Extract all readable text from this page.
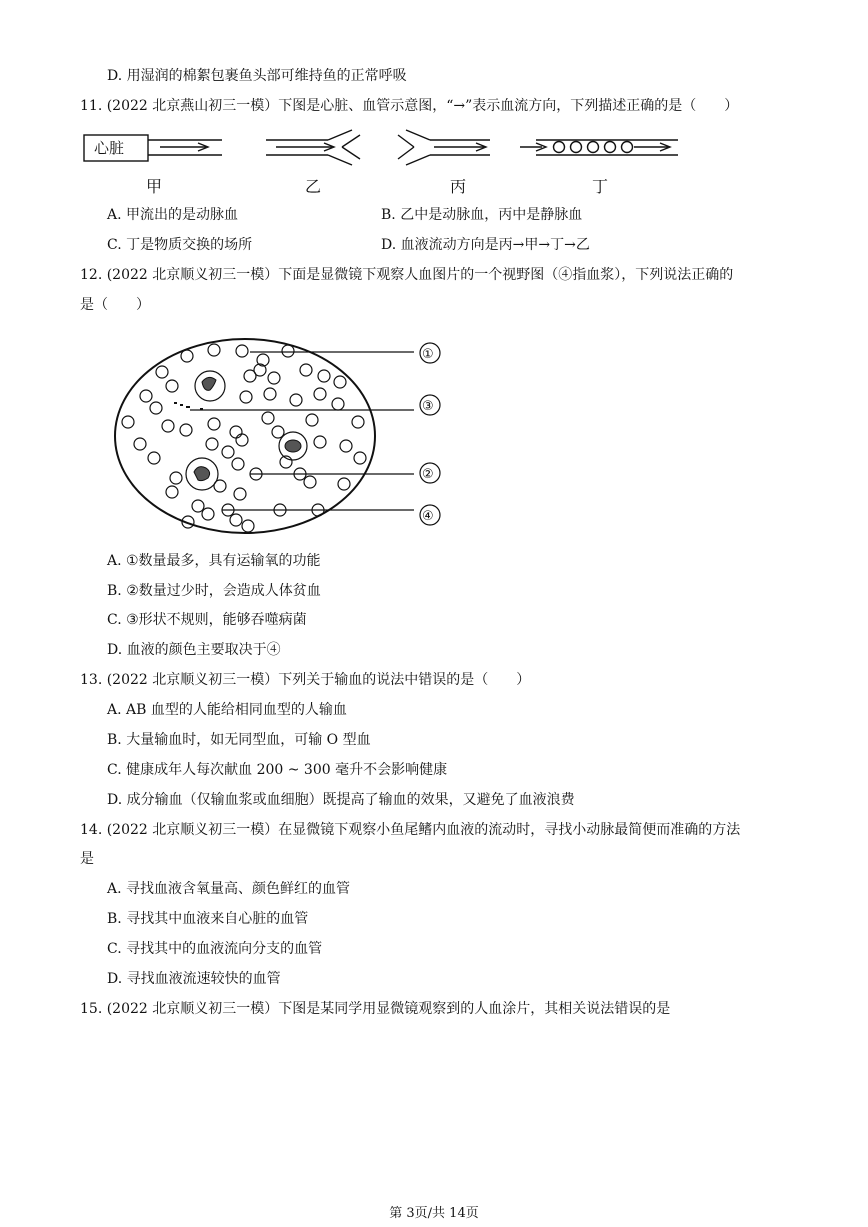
D. 用湿润的棉絮包裹鱼头部可维持鱼的正常呼吸
11. (2022 北京燕山初三一模）下图是心脏、血管示意图，“→”表示血流方向，下列描述正确的是（　　）
心脏
甲	乙	丙	丁
A. 甲流出的是动脉血	B. 乙中是动脉血，丙中是静脉血
C. 丁是物质交换的场所	D. 血液流动方向是丙→甲→丁→乙
12. (2022 北京顺义初三一模）下面是显微镜下观察人血图片的一个视野图（④指血浆），下列说法正确的
是（　　）
①
③
②
④
A. ①数量最多，具有运输氧的功能
B. ②数量过少时，会造成人体贫血
C. ③形状不规则，能够吞噬病菌
D. 血液的颜色主要取决于④
13. (2022 北京顺义初三一模）下列关于输血的说法中错误的是（　　）
A. AB 血型的人能给相同血型的人输血
B. 大量输血时，如无同型血，可输 O 型血
C. 健康成年人每次献血 200 ~ 300 毫升不会影响健康
D. 成分输血（仅输血浆或血细胞）既提高了输血的效果，又避免了血液浪费
14. (2022 北京顺义初三一模）在显微镜下观察小鱼尾鳍内血液的流动时，寻找小动脉最简便而准确的方法
是
A. 寻找血液含氧量高、颜色鲜红的血管
B. 寻找其中血液来自心脏的血管
C. 寻找其中的血液流向分支的血管
D. 寻找血液流速较快的血管
15. (2022 北京顺义初三一模）下图是某同学用显微镜观察到的人血涂片，其相关说法错误的是
第 3页/共 14页
